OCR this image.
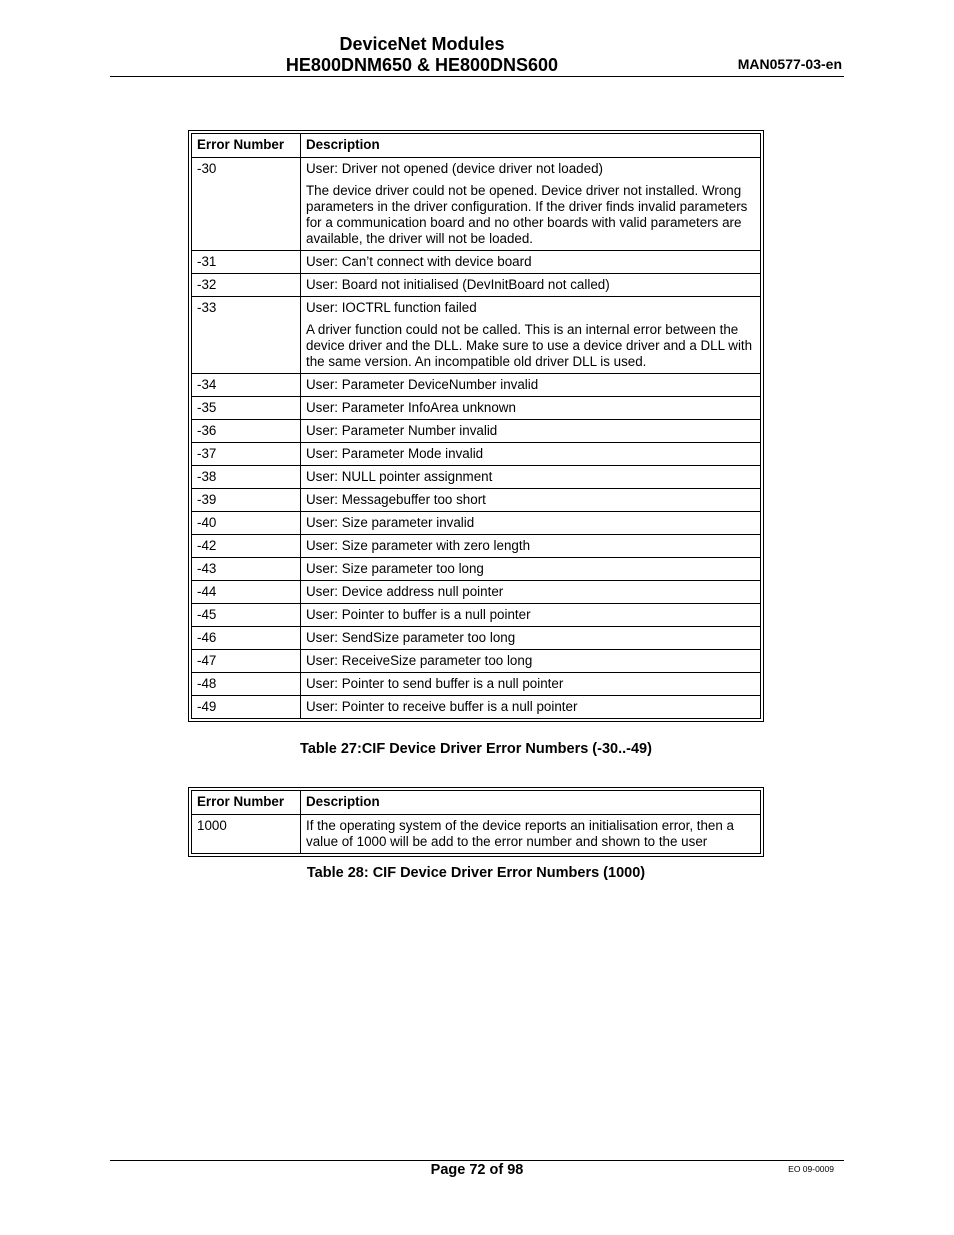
DeviceNet Modules
HE800DNM650 & HE800DNS600	MAN0577-03-en
Error Number	Description
-30	User: Driver not opened (device driver not loaded)

The device driver could not be opened. Device driver not installed. Wrong parameters in the driver configuration. If the driver finds invalid parameters for a communication board and no other boards with valid parameters are available, the driver will not be loaded.

-31	User: Can’t connect with device board

-32	User: Board not initialised (DevInitBoard not called)

-33	User: IOCTRL function failed

A driver function could not be called. This is an internal error between the device driver and the DLL. Make sure to use a device driver and a DLL with the same version. An incompatible old driver DLL is used.

-34	User: Parameter DeviceNumber invalid

-35	User: Parameter InfoArea unknown

-36	User: Parameter Number invalid

-37	User: Parameter Mode invalid

-38	User: NULL pointer assignment

-39	User: Messagebuffer too short

-40	User: Size parameter invalid

-42	User: Size parameter with zero length

-43	User: Size parameter too long

-44	User: Device address null pointer

-45	User: Pointer to buffer is a null pointer

-46	User: SendSize parameter too long

-47	User: ReceiveSize parameter too long

-48	User: Pointer to send buffer is a null pointer

-49	User: Pointer to receive buffer is a null pointer

Table 27:CIF Device Driver Error Numbers (-30..-49)
Error Number	Description
1000	If the operating system of the device reports an initialisation error, then a value of 1000 will be add to the error number and shown to the user

Table 28: CIF Device Driver Error Numbers (1000)
Page 72 of 98	EO 09-0009
